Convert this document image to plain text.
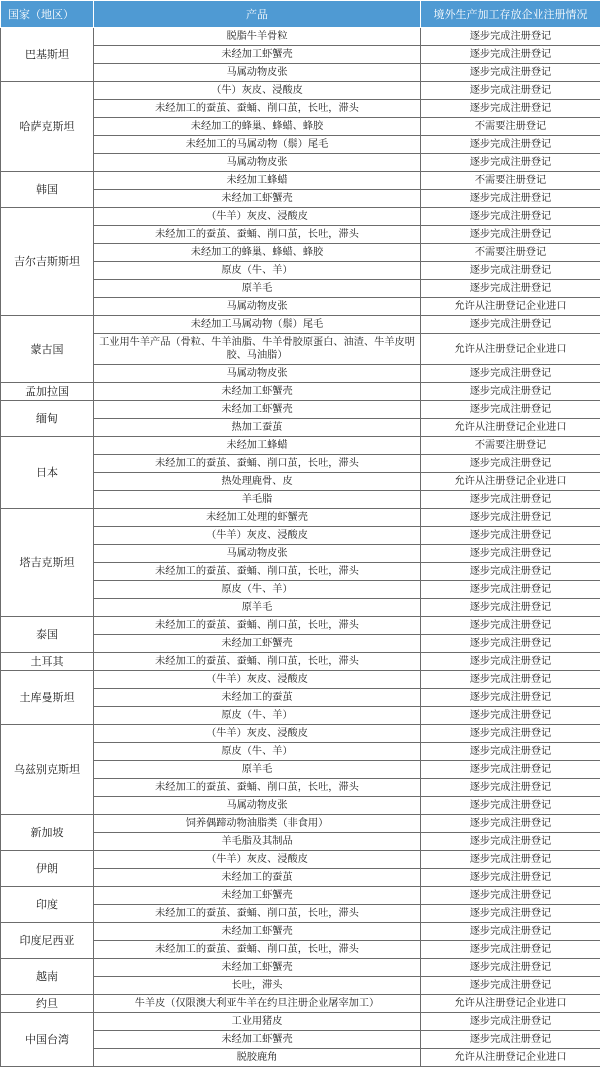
国家（地区）	产品	境外生产加工存放企业注册情况
巴基斯坦	脱脂牛羊骨粒	逐步完成注册登记
	未经加工虾蟹壳	逐步完成注册登记
	马属动物皮张	逐步完成注册登记
哈萨克斯坦	（牛）灰皮、浸酸皮	逐步完成注册登记
	未经加工的蚕茧、蚕蛹、削口茧，长吐，滞头	逐步完成注册登记
	未经加工的蜂巢、蜂蜡、蜂胶	不需要注册登记
	未经加工的马属动物（鬃）尾毛	逐步完成注册登记
	马属动物皮张	逐步完成注册登记
韩国	未经加工蜂蜡	不需要注册登记
	未经加工虾蟹壳	逐步完成注册登记
吉尔吉斯斯坦	（牛羊）灰皮、浸酸皮	逐步完成注册登记
	未经加工的蚕茧、蚕蛹、削口茧，长吐，滞头	逐步完成注册登记
	未经加工的蜂巢、蜂蜡、蜂胶	不需要注册登记
	原皮（牛、羊）	逐步完成注册登记
	原羊毛	逐步完成注册登记
	马属动物皮张	允许从注册登记企业进口
蒙古国	未经加工马属动物（鬃）尾毛	逐步完成注册登记
	工业用牛羊产品（骨粒、牛羊油脂、牛羊骨胶原蛋白、油渣、牛羊皮明胶、马油脂）	允许从注册登记企业进口
	马属动物皮张	逐步完成注册登记
孟加拉国	未经加工虾蟹壳	逐步完成注册登记
缅甸	未经加工虾蟹壳	逐步完成注册登记
	热加工蚕茧	允许从注册登记企业进口
日本	未经加工蜂蜡	不需要注册登记
	未经加工的蚕茧、蚕蛹、削口茧，长吐，滞头	逐步完成注册登记
	热处理鹿骨、皮	允许从注册登记企业进口
	羊毛脂	逐步完成注册登记
塔吉克斯坦	未经加工处理的虾蟹壳	逐步完成注册登记
	（牛羊）灰皮、浸酸皮	逐步完成注册登记
	马属动物皮张	逐步完成注册登记
	未经加工的蚕茧、蚕蛹、削口茧，长吐，滞头	逐步完成注册登记
	原皮（牛、羊）	逐步完成注册登记
	原羊毛	逐步完成注册登记
泰国	未经加工的蚕茧、蚕蛹、削口茧，长吐，滞头	逐步完成注册登记
	未经加工虾蟹壳	逐步完成注册登记
土耳其	未经加工的蚕茧、蚕蛹、削口茧，长吐，滞头	逐步完成注册登记
土库曼斯坦	（牛羊）灰皮、浸酸皮	逐步完成注册登记
	未经加工的蚕茧	逐步完成注册登记
	原皮（牛、羊）	逐步完成注册登记
乌兹别克斯坦	（牛羊）灰皮、浸酸皮	逐步完成注册登记
	原皮（牛、羊）	逐步完成注册登记
	原羊毛	逐步完成注册登记
	未经加工的蚕茧、蚕蛹、削口茧，长吐，滞头	逐步完成注册登记
	马属动物皮张	逐步完成注册登记
新加坡	饲养偶蹄动物油脂类（非食用）	逐步完成注册登记
	羊毛脂及其制品	逐步完成注册登记
伊朗	（牛羊）灰皮、浸酸皮	逐步完成注册登记
	未经加工的蚕茧	逐步完成注册登记
印度	未经加工虾蟹壳	逐步完成注册登记
	未经加工的蚕茧、蚕蛹、削口茧，长吐，滞头	逐步完成注册登记
印度尼西亚	未经加工虾蟹壳	逐步完成注册登记
	未经加工的蚕茧、蚕蛹、削口茧，长吐，滞头	逐步完成注册登记
越南	未经加工虾蟹壳	逐步完成注册登记
	长吐，滞头	逐步完成注册登记
约旦	牛羊皮（仅限澳大利亚牛羊在约旦注册企业屠宰加工）	允许从注册登记企业进口
中国台湾	工业用猪皮	逐步完成注册登记
	未经加工虾蟹壳	逐步完成注册登记
	脱胶鹿角	允许从注册登记企业进口
